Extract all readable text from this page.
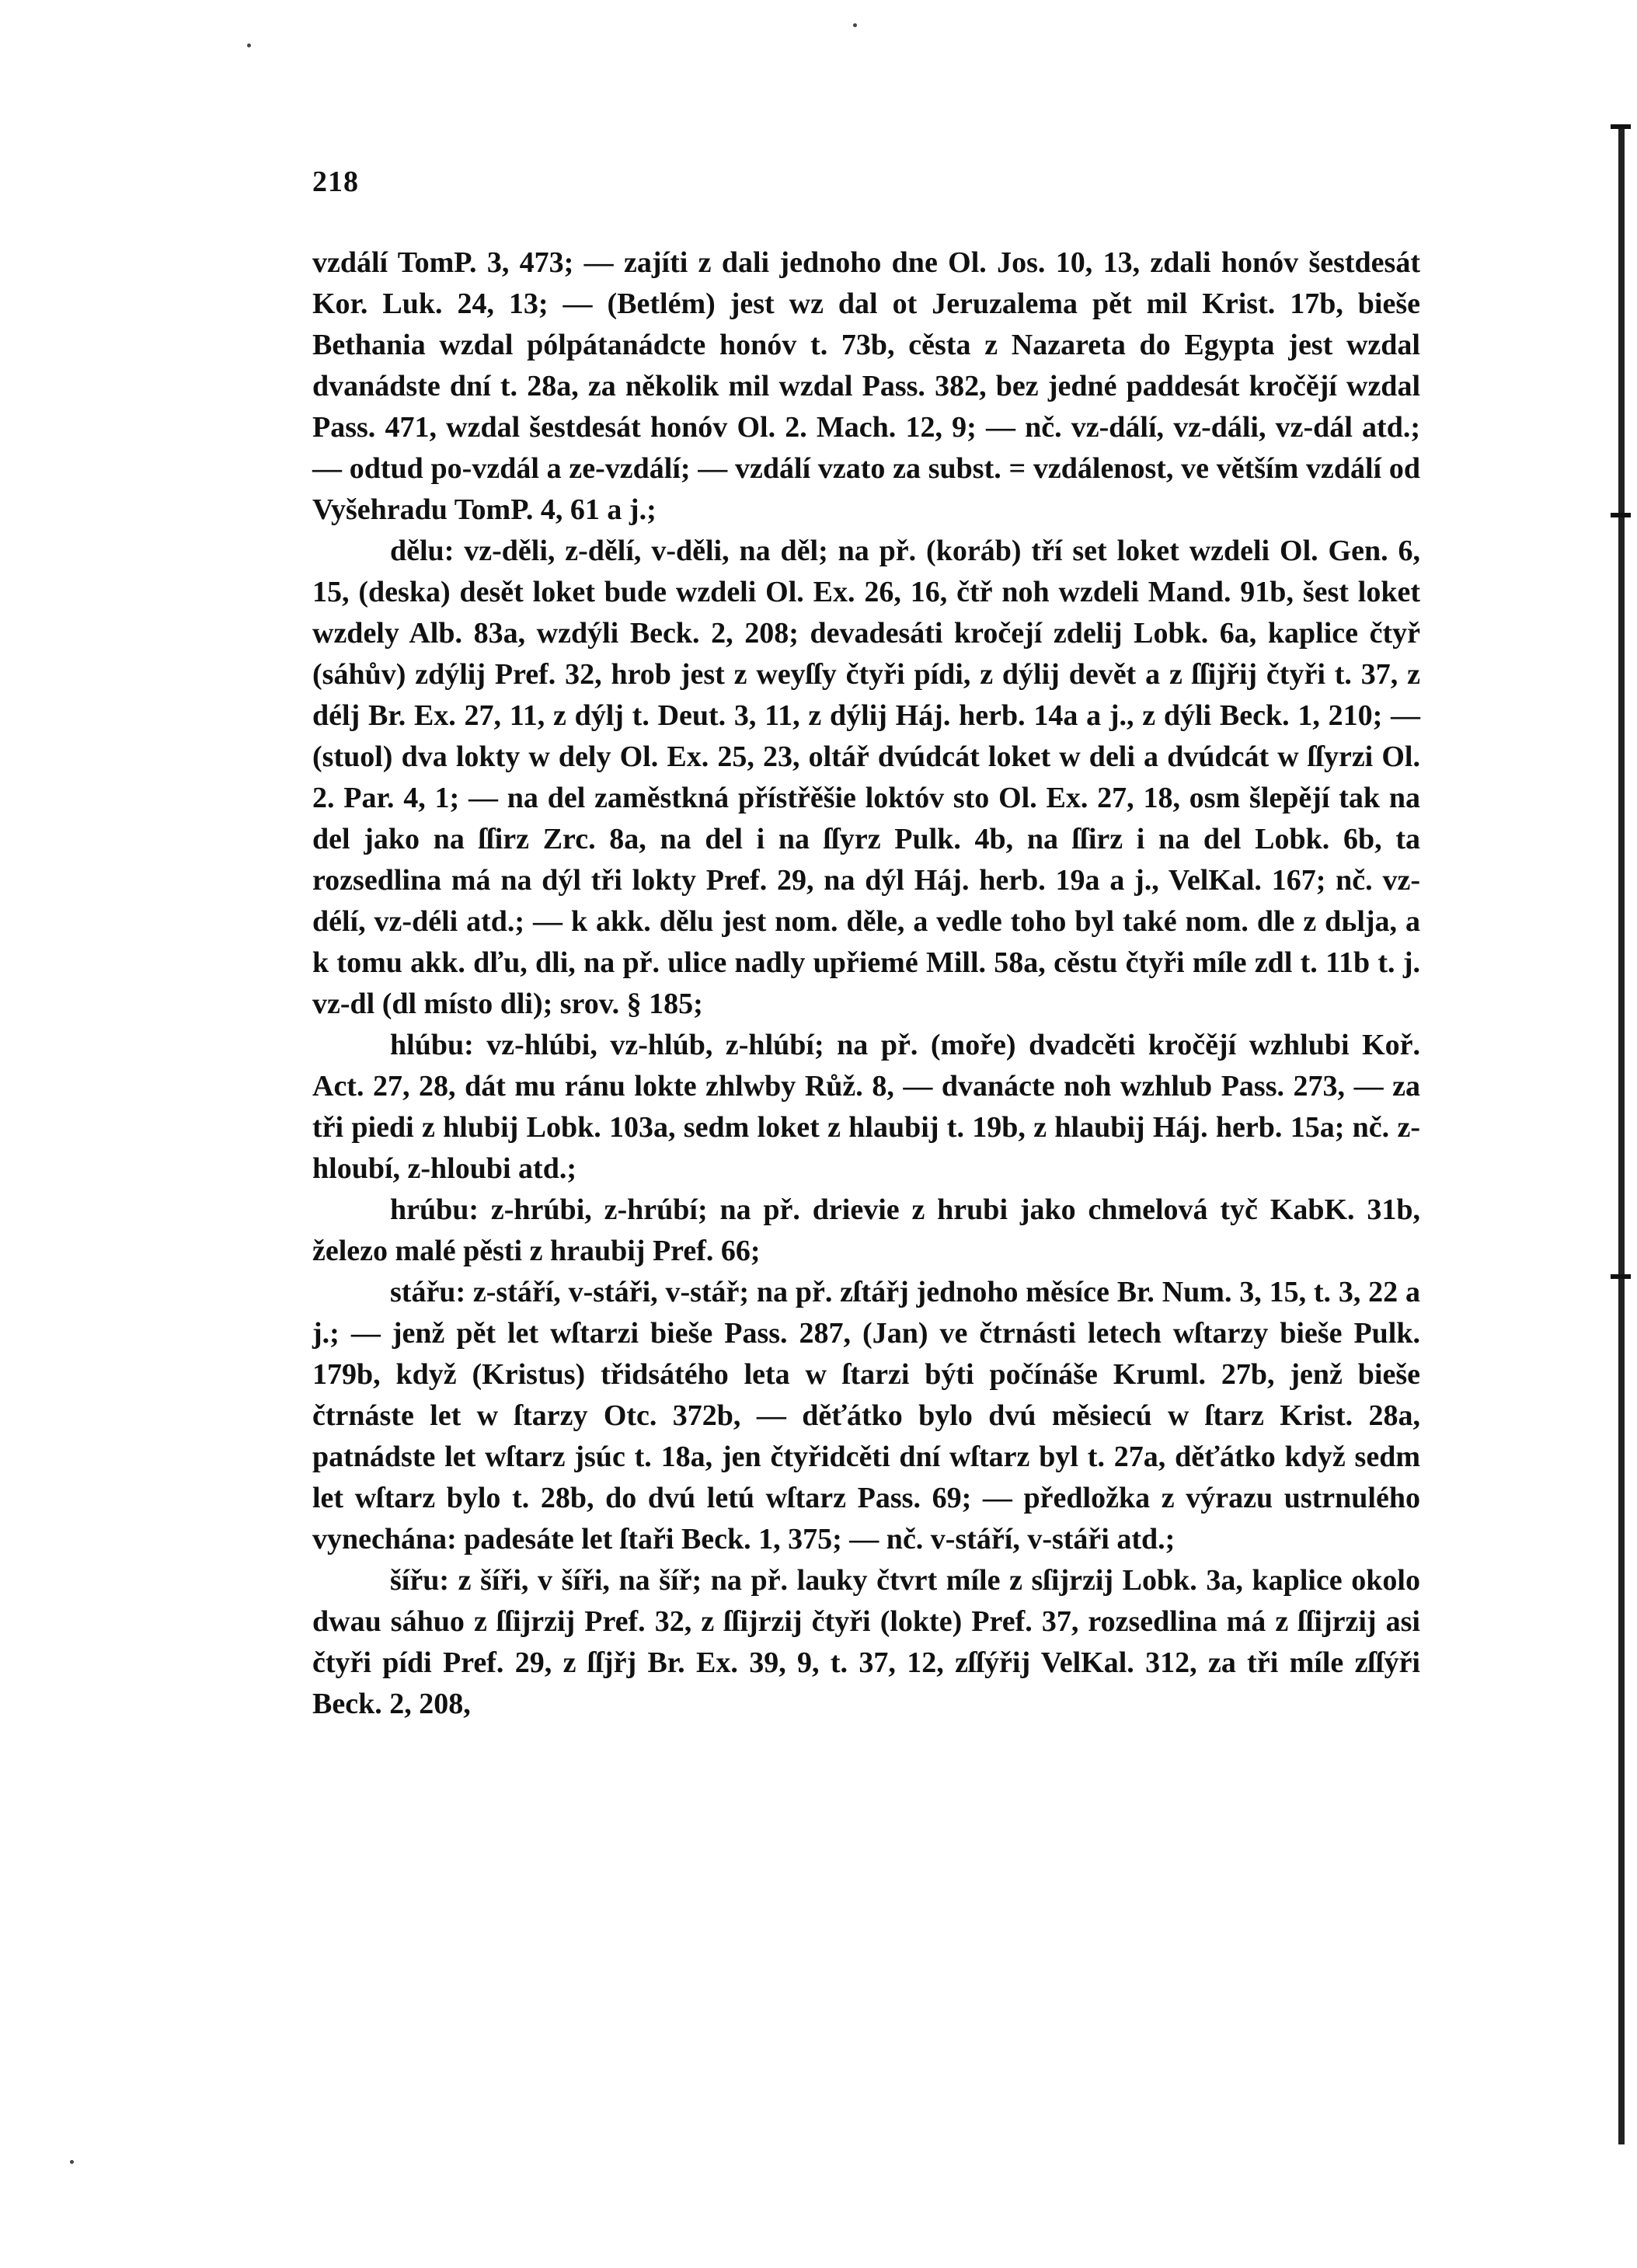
218

vzdálí TomP. 3, 473; — zajíti z dali jednoho dne Ol. Jos. 10, 13, zdali honóv šestdesát Kor. Luk. 24, 13; — (Betlém) jest wz dal ot Jeruzalema pět mil Krist. 17b, bieše Bethania wzdal pólpátanádcte honóv t. 73b, cěsta z Nazareta do Egypta jest wzdal dvanádste dní t. 28a, za několik mil wzdal Pass. 382, bez jedné paddesát kročějí wzdal Pass. 471, wzdal šestdesát honóv Ol. 2. Mach. 12, 9; — nč. vz-dálí, vz-dáli, vz-dál atd.; — odtud po-vzdál a ze-vzdálí; — vzdálí vzato za subst. = vzdálenost, ve větším vzdálí od Vyšehradu TomP. 4, 61 a j.;

dělu: vz-děli, z-dělí, v-děli, na děl; na př. (koráb) tří set loket wzdeli Ol. Gen. 6, 15, (deska) desět loket bude wzdeli Ol. Ex. 26, 16, čtř noh wzdeli Mand. 91b, šest loket wzdely Alb. 83a, wzdýli Beck. 2, 208; devadesáti kročejí zdelij Lobk. 6a, kaplice čtyř (sáhův) zdýlij Pref. 32, hrob jest z weyſſy čtyři pídi, z dýlij devět a z ſſijřij čtyři t. 37, z délj Br. Ex. 27, 11, z dýlj t. Deut. 3, 11, z dýlij Háj. herb. 14a a j., z dýli Beck. 1, 210; — (stuol) dva lokty w dely Ol. Ex. 25, 23, oltář dvúdcát loket w deli a dvúdcát w ſſyrzi Ol. 2. Par. 4, 1; — na del zaměstkná přístřěšie loktóv sto Ol. Ex. 27, 18, osm šlepějí tak na del jako na ſſirz Zrc. 8a, na del i na ſſyrz Pulk. 4b, na ſſirz i na del Lobk. 6b, ta rozsedlina má na dýl tři lokty Pref. 29, na dýl Háj. herb. 19a a j., VelKal. 167; nč. vz-délí, vz-déli atd.; — k akk. dělu jest nom. děle, a vedle toho byl také nom. dle z dьlja, a k tomu akk. dľu, dli, na př. ulice nadly upřiemé Mill. 58a, cěstu čtyři míle zdl t. 11b t. j. vz-dl (dl místo dli); srov. § 185;

hlúbu: vz-hlúbi, vz-hlúb, z-hlúbí; na př. (moře) dvadcěti kročějí wzhlubi Koř. Act. 27, 28, dát mu ránu lokte zhlwby Růž. 8, — dvanácte noh wzhlub Pass. 273, — za tři piedi z hlubij Lobk. 103a, sedm loket z hlaubij t. 19b, z hlaubij Háj. herb. 15a; nč. z-hloubí, z-hloubi atd.;

hrúbu: z-hrúbi, z-hrúbí; na př. drievie z hrubi jako chmelová tyč KabK. 31b, železo malé pěsti z hraubij Pref. 66;

stářu: z-stáří, v-stáři, v-stář; na př. zſtářj jednoho měsíce Br. Num. 3, 15, t. 3, 22 a j.; — jenž pět let wſtarzi bieše Pass. 287, (Jan) ve čtrnásti letech wſtarzy bieše Pulk. 179b, když (Kristus) třidsátého leta w ſtarzi býti počínáše Kruml. 27b, jenž bieše čtrnáste let w ſtarzy Otc. 372b, — děťátko bylo dvú měsiecú w ſtarz Krist. 28a, patnádste let wſtarz jsúc t. 18a, jen čtyřidcěti dní wſtarz byl t. 27a, děťátko když sedm let wſtarz bylo t. 28b, do dvú letú wſtarz Pass. 69; — předložka z výrazu ustrnulého vynechána: padesáte let ſtaři Beck. 1, 375; — nč. v-stáří, v-stáři atd.;

šířu: z šíři, v šíři, na šíř; na př. lauky čtvrt míle z sſijrzij Lobk. 3a, kaplice okolo dwau sáhuo z ſſijrzij Pref. 32, z ſſijrzij čtyři (lokte) Pref. 37, rozsedlina má z ſſijrzij asi čtyři pídi Pref. 29, z ſſjřj Br. Ex. 39, 9, t. 37, 12, zſſýřij VelKal. 312, za tři míle zſſýři Beck. 2, 208,
